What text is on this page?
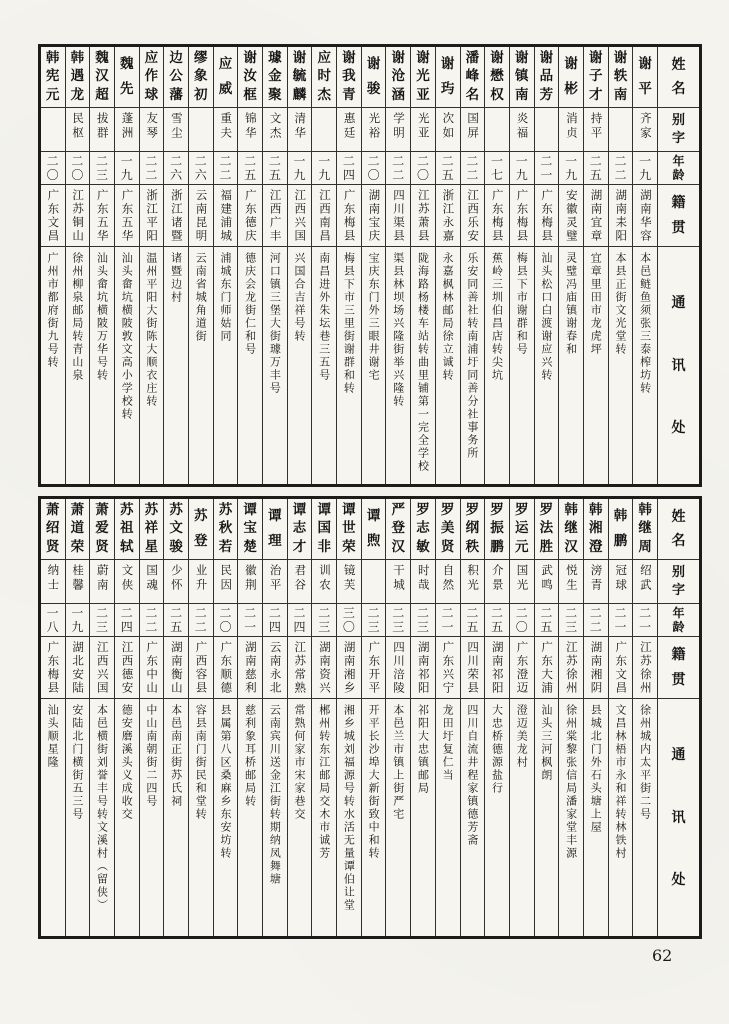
姓
名
别
字
年
龄
籍
贯
通
讯
处
谢
平
齐家
一
九
湖南华容
本邑鲢鱼须张三泰榨坊转
谢
轶
南
二
二
湖南耒阳
本县正街文光堂转
谢
子
才
持平
二
五
湖南宜章
宜章里田市龙虎坪
谢
彬
消贞
一
九
安徽灵璧
灵璧冯庙镇谢春和
谢
品
芳
二
一
广东梅县
汕头松口白渡谢应兴转
谢
镇
南
炎福
一
九
广东梅县
梅县下市谢群和号
谢
懋
权
一
七
广东梅县
蕉岭三圳伯昌店转尖坑
潘
峰
名
国屏
二
二
江西乐安
乐安同善社转南浦圩同善分社事务所
谢
玙
次如
二
五
浙江永嘉
永嘉枫林邮局徐立诚转
谢
光
亚
光亚
二
〇
江苏萧县
陇海路杨楼车站转曲里铺第一完全学校
谢
沧
涵
学明
二
二
四川渠县
渠县林坝场兴隆街举兴隆转
谢
骏
光裕
二
〇
湖南宝庆
宝庆东门外三眼井谢宅
谢
我
青
惠廷
二
四
广东梅县
梅县下市三里街谢群和转
应
时
杰
一
九
江西南昌
南昌进外朱坛巷三五号
谢
毓
麟
清华
一
九
江西兴国
兴国合吉祥号转
璩
金
聚
文杰
二
五
江西广丰
河口镇三堡大街璩万丰号
谢
汝
框
锦华
二
五
广东德庆
德庆会龙街仁和号
应
威
重夫
二
二
福建浦城
浦城东门师姑同
缪
象
初
二
六
云南昆明
云南省城角道街
边
公
藩
雪尘
二
六
浙江诸暨
诸暨边村
应
作
球
友琴
二
二
浙江平阳
温州平阳大街陈大顺衣庄转
魏
先
蓬洲
一
九
广东五华
汕头畲坑横陂敦文高小学校转
魏
汉
超
拔群
二
三
广东五华
汕头畲坑横陂万华号转
韩
遇
龙
民枢
二
〇
江苏铜山
徐州柳泉邮局转青山泉
韩
宪
元
二
〇
广东文昌
广州市都府街九号转
姓
名
别
字
年
龄
籍
贯
通
讯
处
韩
继
周
绍武
二
一
江苏徐州
徐州城内太平街二号
韩
鹏
冠球
二
一
广东文昌
文昌林梧市永和祥转林铁村
韩
湘
澄
滂青
二
二
湖南湘阴
县城北门外石头塘上屋
韩
继
汉
悦生
二
三
江苏徐州
徐州棠黎张信局潘家堂丰源
罗
法
胜
武鸣
二
五
广东大浦
汕头三河枫朗
罗
运
元
国光
二
〇
广东澄迈
澄迈美龙村
罗
振
鹏
介景
二
五
湖南祁阳
大忠桥德源盐行
罗
纲
秩
积光
二
五
四川荣县
四川自流井程家镇德芳斋
罗
美
贤
自然
二
一
广东兴宁
龙田圩复仁当
罗
志
敏
时哉
二
三
湖南祁阳
祁阳大忠镇邮局
严
登
汉
干城
二
三
四川涪陵
本邑兰市镇上街严宅
谭
煦
二
三
广东开平
开平长沙埠大新街致中和转
谭
世
荣
镜芙
三
〇
湖南湘乡
湘乡城刘福源号转水活无量谭伯让堂
谭
国
非
训农
二
三
湖南资兴
郴州转东江邮局交木市诚芳
谭
志
才
君谷
二
四
江苏常熟
常熟何家市宋家巷交
谭
理
治平
二
四
云南永北
云南宾川送金江街转期纳凤舞塘
谭
宝
楚
徽荆
二
一
湖南慈利
慈利象耳桥邮局转
苏
秋
若
民因
二
〇
广东顺德
县属第八区桑麻乡东安坊转
苏
登
业升
二
二
广西容县
容县南门街民和堂转
苏
文
骏
少怀
二
五
湖南衡山
本邑南正街苏氏祠
苏
祥
星
国魂
二
二
广东中山
中山南朝街二四号
苏
祖
轼
文侠
二
四
江西德安
德安磨溪头义成收交
萧
爱
贤
蔚南
二
三
江西兴国
本邑横街刘誉丰号转文溪村（留侠）
萧
道
荣
桂馨
一
九
湖北安陆
安陆北门横街五三号
萧
绍
贤
纳士
一
八
广东梅县
汕头顺星隆
62
